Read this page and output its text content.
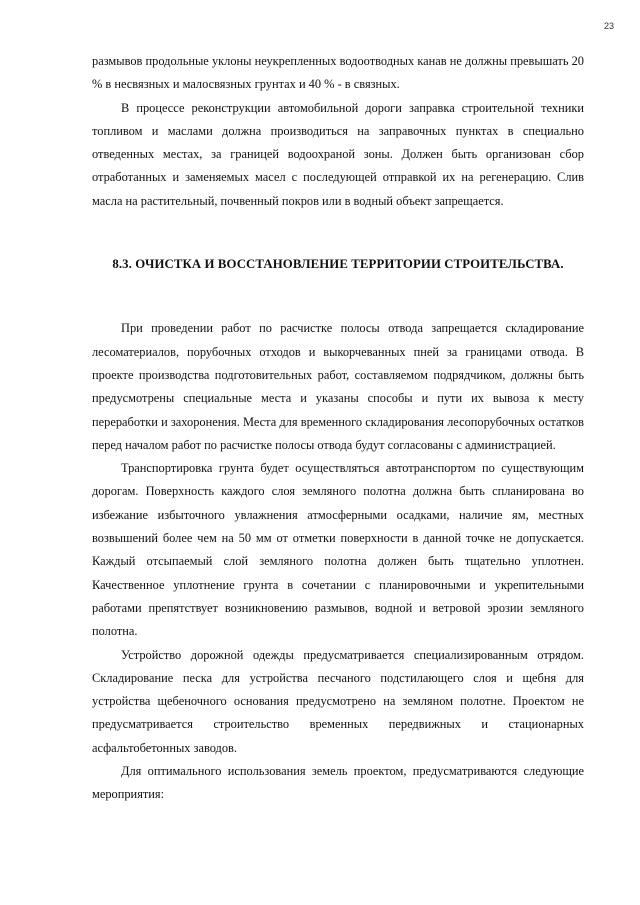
23

размывов продольные уклоны неукрепленных водоотводных канав не должны превышать 20 % в несвязных и малосвязных грунтах и 40 % - в связных.

В процессе реконструкции автомобильной дороги заправка строительной техники топливом и маслами должна производиться на заправочных пунктах в специально отведенных местах, за границей водоохраной зоны. Должен быть организован сбор отработанных и заменяемых масел с последующей отправкой их на регенерацию. Слив масла на растительный, почвенный покров или в водный объект запрещается.

8.3. ОЧИСТКА И ВОССТАНОВЛЕНИЕ ТЕРРИТОРИИ СТРОИТЕЛЬСТВА.

При проведении работ по расчистке полосы отвода запрещается складирование лесоматериалов, порубочных отходов и выкорчеванных пней за границами отвода. В проекте производства подготовительных работ, составляемом подрядчиком, должны быть предусмотрены специальные места и указаны способы и пути их вывоза к месту переработки и захоронения. Места для временного складирования лесопорубочных остатков перед началом работ по расчистке полосы отвода будут согласованы с администрацией.

Транспортировка грунта будет осуществляться автотранспортом по существующим дорогам. Поверхность каждого слоя земляного полотна должна быть спланирована во избежание избыточного увлажнения атмосферными осадками, наличие ям, местных возвышений более чем на 50 мм от отметки поверхности в данной точке не допускается. Каждый отсыпаемый слой земляного полотна должен быть тщательно уплотнен. Качественное уплотнение грунта в сочетании с планировочными и укрепительными работами препятствует возникновению размывов, водной и ветровой эрозии земляного полотна.

Устройство дорожной одежды предусматривается специализированным отрядом. Складирование песка для устройства песчаного подстилающего слоя и щебня для устройства щебеночного основания предусмотрено на земляном полотне. Проектом не предусматривается строительство временных передвижных и стационарных асфальтобетонных заводов.

Для оптимального использования земель проектом, предусматриваются следующие мероприятия:
